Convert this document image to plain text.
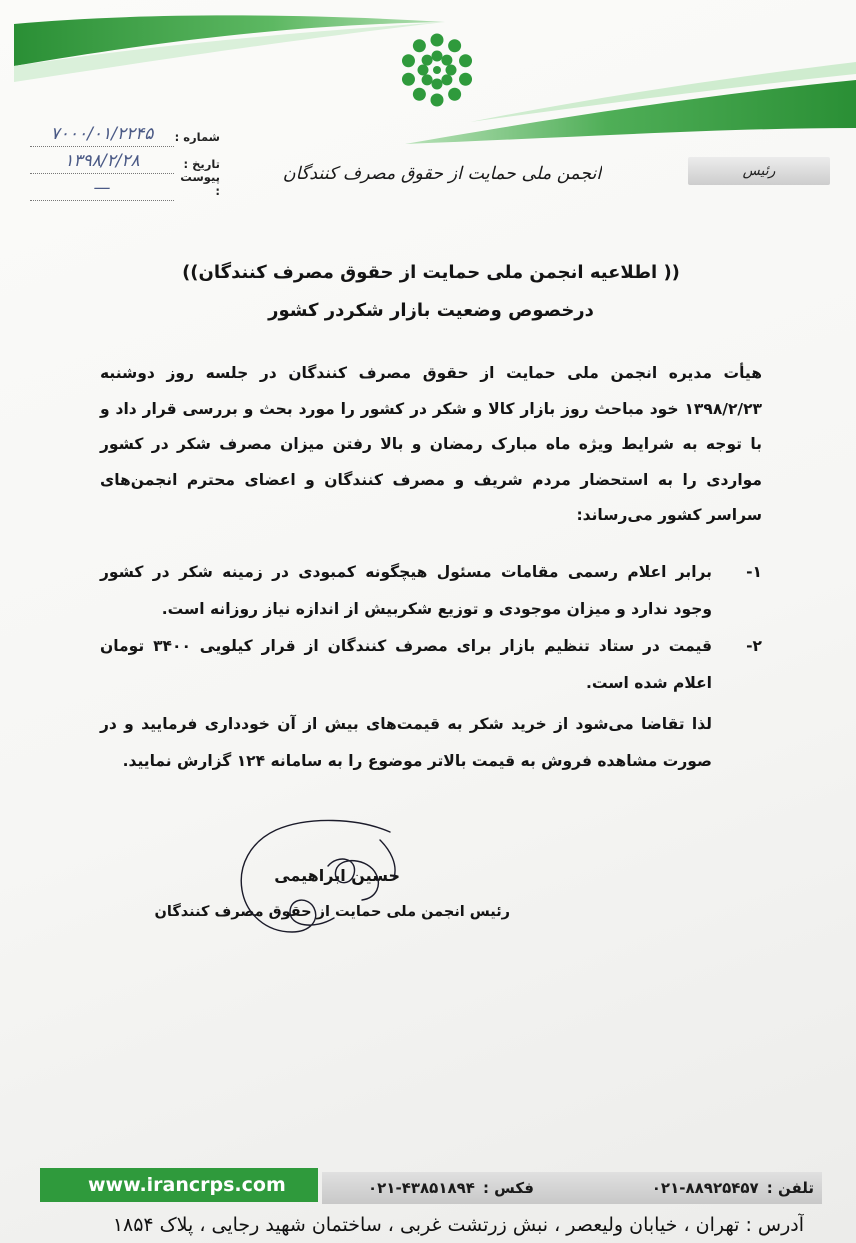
انجمن ملی حمایت از حقوق مصرف کنندگان	رئیس
شماره :
۷۰۰۰/۰۱/۲۲۴۵
تاریخ :
۱۳۹۸/۲/۲۸
پیوست :
—
(( اطلاعیه انجمن ملی حمایت از حقوق مصرف کنندگان))
درخصوص وضعیت بازار شکردر کشور

هیأت مدیره انجمن ملی حمایت از حقوق مصرف کنندگان در جلسه روز دوشنبه ۱۳۹۸/۲/۲۳ خود مباحث روز بازار کالا و شکر در کشور را مورد بحث و بررسی قرار داد و با توجه به شرایط ویژه ماه مبارک رمضان و بالا رفتن میزان مصرف شکر در کشور مواردی را به استحضار مردم شریف و مصرف کنندگان و اعضای محترم انجمن‌های سراسر کشور می‌رساند:

۱-
برابر اعلام رسمی مقامات مسئول هیچگونه کمبودی در زمینه شکر در کشور وجود ندارد و میزان موجودی و توزیع شکربیش از اندازه نیاز روزانه است.
۲-
قیمت در ستاد تنظیم بازار برای مصرف کنندگان از قرار کیلویی ۳۴۰۰ تومان اعلام شده است.

لذا تقاضا می‌شود از خرید شکر به قیمت‌های بیش از آن خودداری فرمایید و در صورت مشاهده فروش به قیمت بالاتر موضوع را به سامانه ۱۲۴ گزارش نمایید.

حسین ابراهیمی
رئیس انجمن ملی حمایت از حقوق مصرف کنندگان
www.irancrps.com	تلفن :
۰۲۱-۸۸۹۲۵۴۵۷
فکس :
۰۲۱-۴۳۸۵۱۸۹۴
آدرس : تهران ، خیابان ولیعصر ، نبش زرتشت غربی ، ساختمان شهید رجایی ، پلاک ۱۸۵۴
